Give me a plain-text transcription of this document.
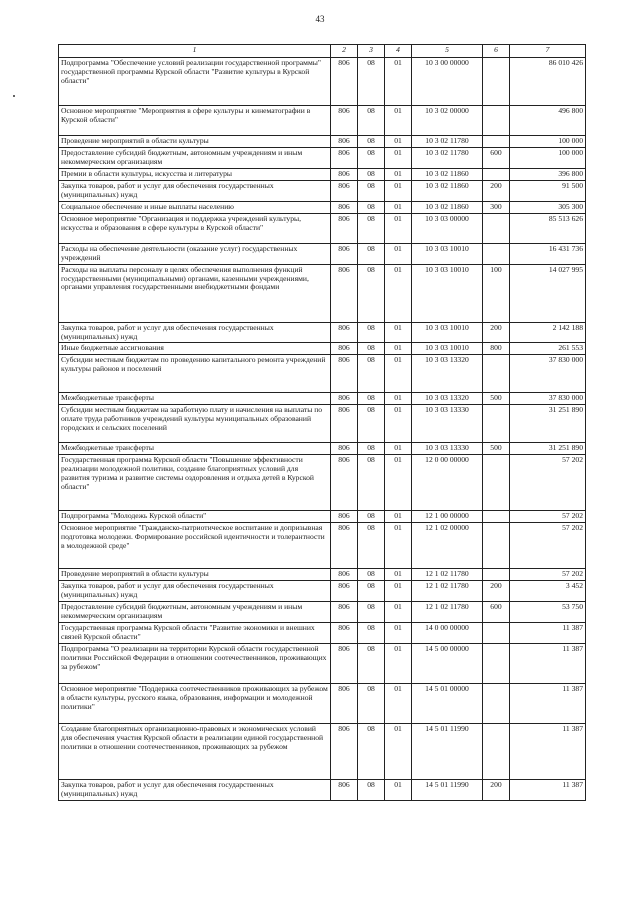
43
1	2	3	4	5	6	7
Подпрограмма "Обеспечение условий реализации государственной программы" государственной программы Курской области "Развитие культуры в Курской области"	806	08	01	10 3 00 00000		86 010 426
Основное мероприятие "Мероприятия в сфере культуры и кинематографии в Курской области"	806	08	01	10 3 02 00000		496 800
Проведение мероприятий в области культуры	806	08	01	10 3 02 11780		100 000
Предоставление субсидий бюджетным, автономным учреждениям и иным некоммерческим организациям	806	08	01	10 3 02 11780	600	100 000
Премии в области культуры, искусства и литературы	806	08	01	10 3 02 11860		396 800
Закупка товаров, работ и услуг для обеспечения государственных (муниципальных) нужд	806	08	01	10 3 02 11860	200	91 500
Социальное обеспечение и иные выплаты населению	806	08	01	10 3 02 11860	300	305 300
Основное мероприятие "Организация и поддержка учреждений культуры, искусства и образования в сфере культуры в Курской области"	806	08	01	10 3 03 00000		85 513 626
Расходы на обеспечение деятельности (оказание услуг) государственных учреждений	806	08	01	10 3 03 10010		16 431 736
Расходы на выплаты персоналу в целях обеспечения выполнения функций государственными (муниципальными) органами, казенными учреждениями, органами управления государственными внебюджетными фондами	806	08	01	10 3 03 10010	100	14 027 995
Закупка товаров, работ и услуг для обеспечения государственных (муниципальных) нужд	806	08	01	10 3 03 10010	200	2 142 188
Иные бюджетные ассигнования	806	08	01	10 3 03 10010	800	261 553
Субсидии местным бюджетам по проведению капитального ремонта учреждений культуры районов и поселений	806	08	01	10 3 03 13320		37 830 000
Межбюджетные трансферты	806	08	01	10 3 03 13320	500	37 830 000
Субсидии местным бюджетам на заработную плату и начисления на выплаты по оплате труда работников учреждений культуры муниципальных образований городских и сельских поселений	806	08	01	10 3 03 13330		31 251 890
Межбюджетные трансферты	806	08	01	10 3 03 13330	500	31 251 890
Государственная программа Курской области "Повышение эффективности реализации молодежной политики, создание благоприятных условий для развития туризма и развитие системы оздоровления и отдыха детей в Курской области"	806	08	01	12 0 00 00000		57 202
Подпрограмма "Молодежь Курской области"	806	08	01	12 1 00 00000		57 202
Основное мероприятие "Гражданско-патриотическое воспитание и допризывная подготовка молодежи. Формирование российской идентичности и толерантности в молодежной среде"	806	08	01	12 1 02 00000		57 202
Проведение мероприятий в области культуры	806	08	01	12 1 02 11780		57 202
Закупка товаров, работ и услуг для обеспечения государственных (муниципальных) нужд	806	08	01	12 1 02 11780	200	3 452
Предоставление субсидий бюджетным, автономным учреждениям и иным некоммерческим организациям	806	08	01	12 1 02 11780	600	53 750
Государственная программа Курской области "Развитие экономики и внешних связей Курской области"	806	08	01	14 0 00 00000		11 387
Подпрограмма "О реализации на территории Курской области государственной политики Российской Федерации в отношении соотечественников, проживающих за рубежом"	806	08	01	14 5 00 00000		11 387
Основное мероприятие "Поддержка соотечественников проживающих за рубежом в области культуры, русского языка, образования, информации и молодежной политики"	806	08	01	14 5 01 00000		11 387
Создание благоприятных организационно-правовых и экономических условий для обеспечения участия Курской области в реализации единой государственной политики в отношении соотечественников, проживающих за рубежом	806	08	01	14 5 01 11990		11 387
Закупка товаров, работ и услуг для обеспечения государственных (муниципальных) нужд	806	08	01	14 5 01 11990	200	11 387
